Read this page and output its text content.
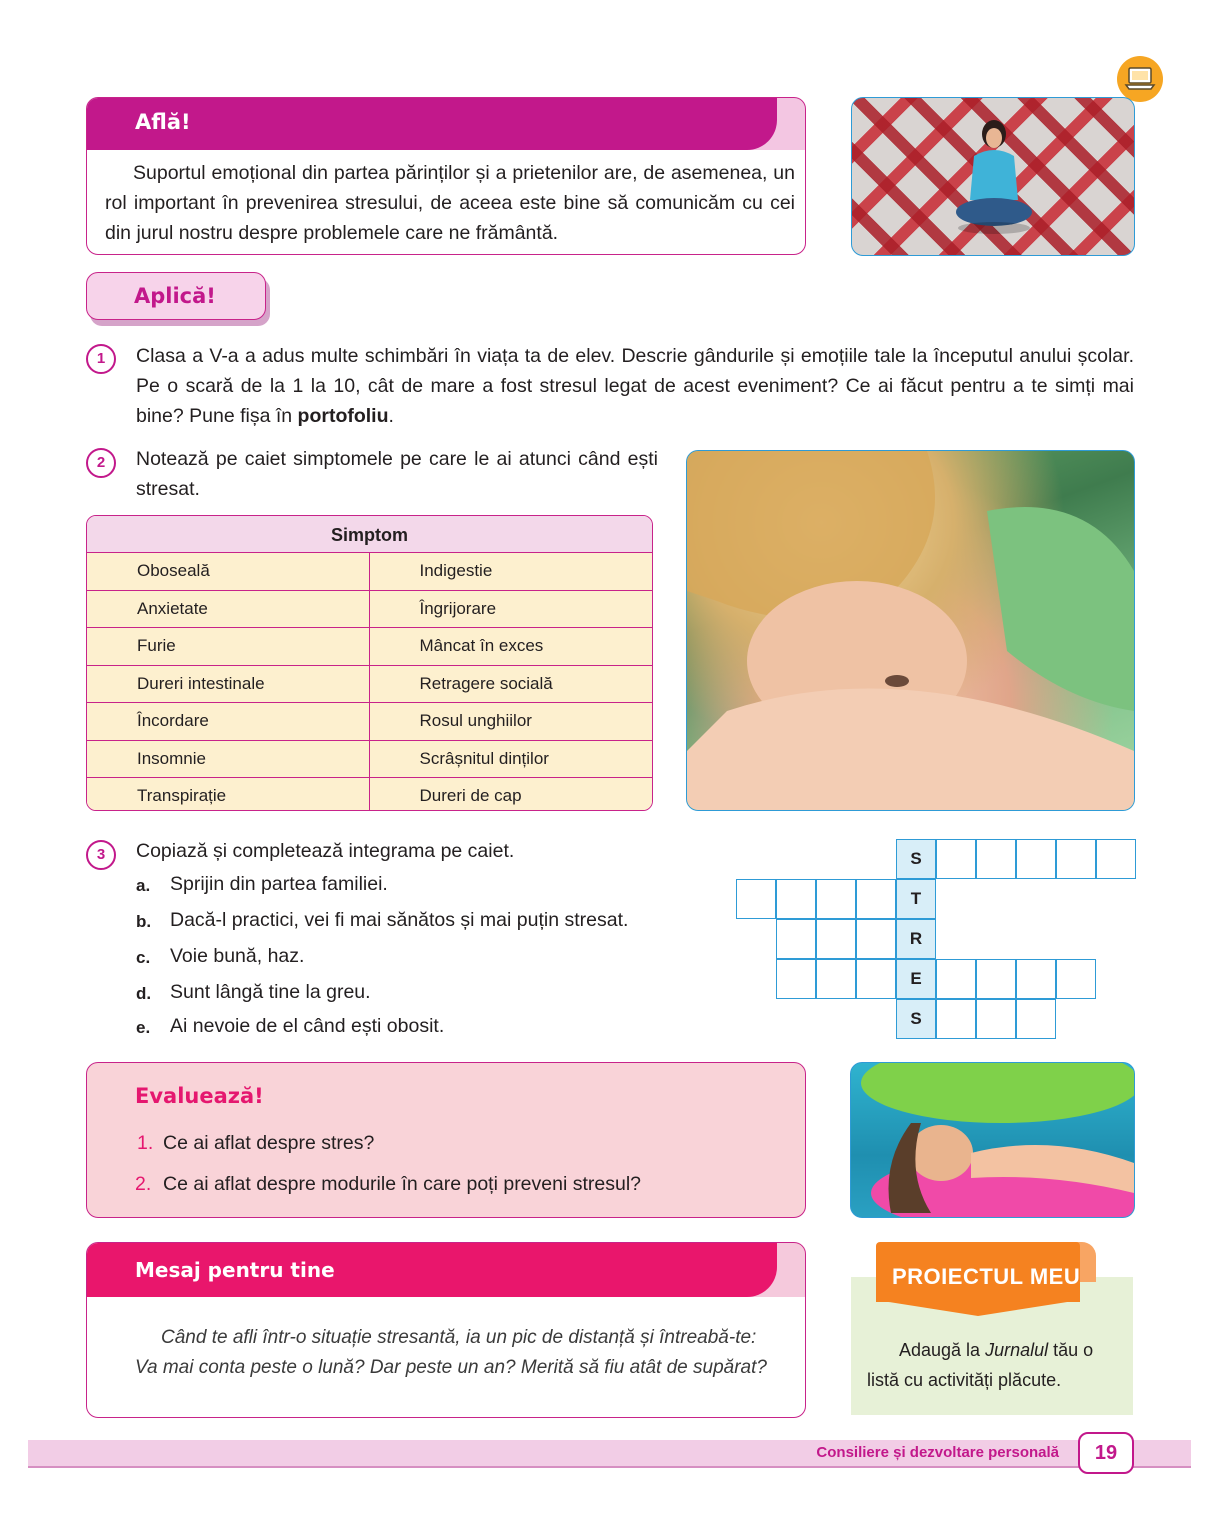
Află!
Suportul emoțional din partea părinților și a prietenilor are, de asemenea, un rol important în prevenirea stresului, de aceea este bine să comunicăm cu cei din jurul nostru despre problemele care ne frământă.
Aplică!
1	Clasa a V-a a adus multe schimbări în viața ta de elev. Descrie gândurile și emoțiile tale la începutul anului școlar. Pe o scară de la 1 la 10, cât de mare a fost stresul legat de acest eveniment? Ce ai făcut pentru a te simți mai bine? Pune fișa în portofoliu.
2	Notează pe caiet simptomele pe care le ai atunci când ești stresat.
Simptom
Oboseală	Indigestie
Anxietate	Îngrijorare
Furie	Mâncat în exces
Dureri intestinale	Retragere socială
Încordare	Rosul unghiilor
Insomnie	Scrâșnitul dinților
Transpirație	Dureri de cap
3	Copiază și completează integrama pe caiet.
a. Sprijin din partea familiei.
b. Dacă-l practici, vei fi mai sănătos și mai puțin stresat.
c. Voie bună, haz.
d. Sunt lângă tine la greu.
e. Ai nevoie de el când ești obosit.
S
T
R
E
S
Evaluează!
1. Ce ai aflat despre stres?
2. Ce ai aflat despre modurile în care poți preveni stresul?
Mesaj pentru tine
Când te afli într-o situație stresantă, ia un pic de distanță și întreabă-te:
Va mai conta peste o lună? Dar peste un an? Merită să fiu atât de supărat?
PROIECTUL MEU
Adaugă la Jurnalul tău o listă cu activități plăcute.
Consiliere și dezvoltare personală	19
